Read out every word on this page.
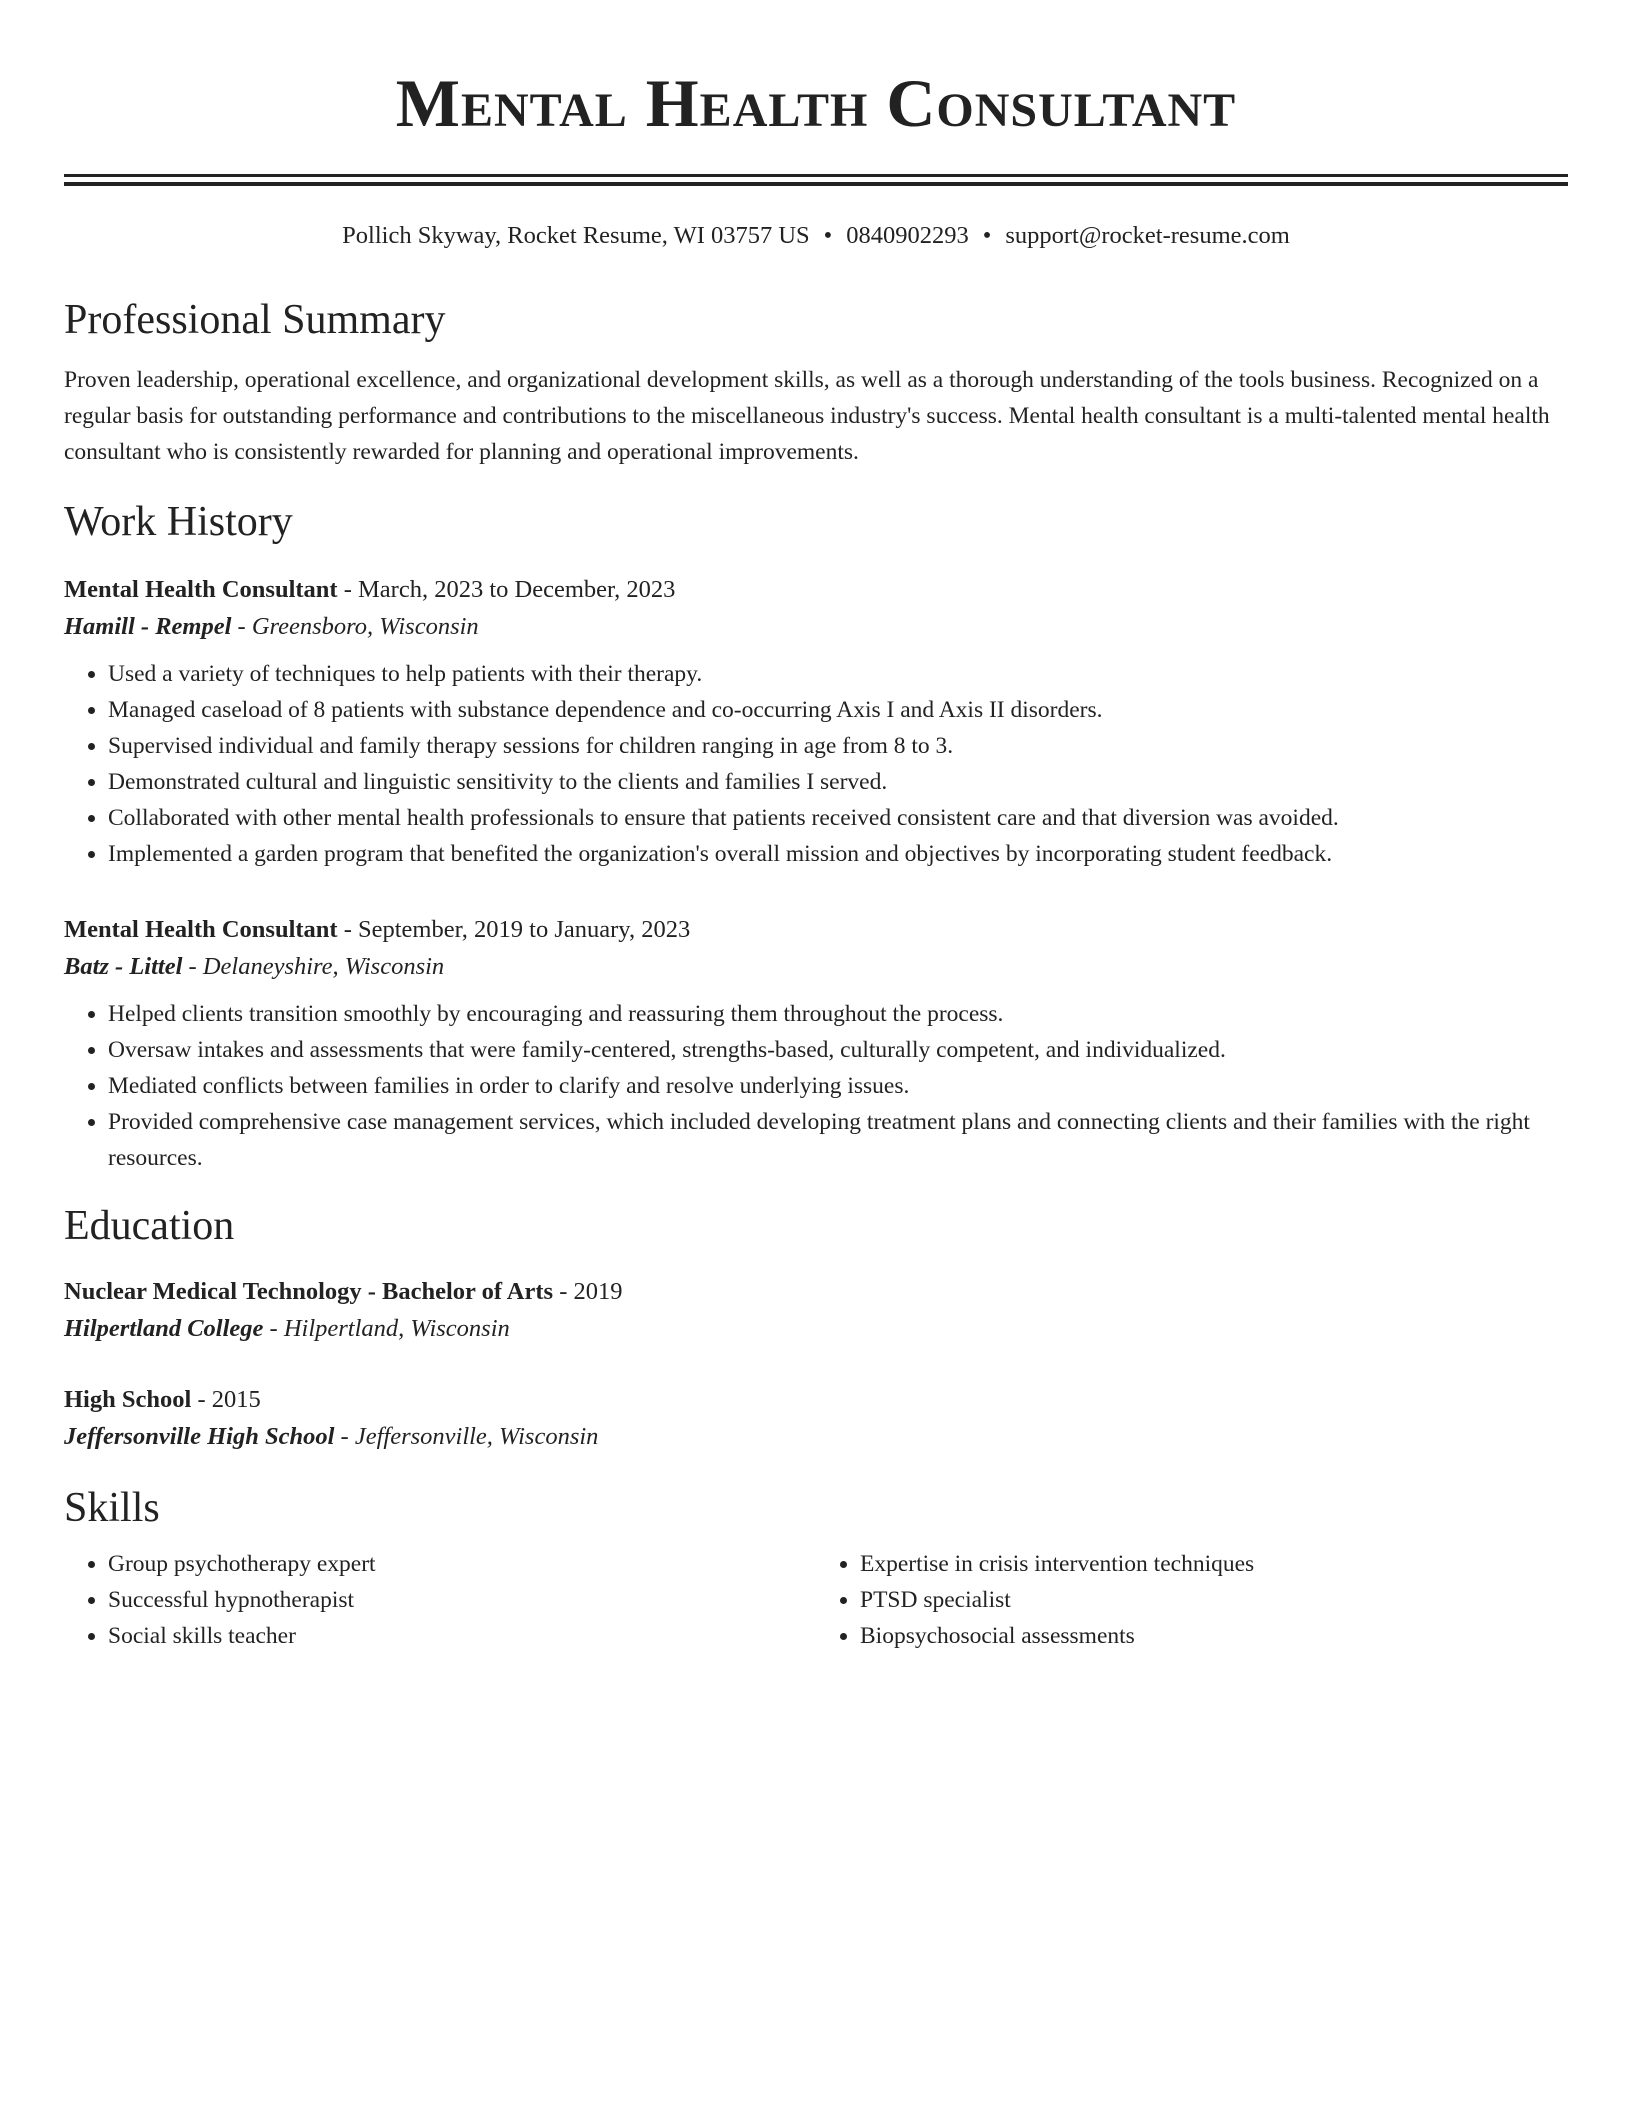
Mental Health Consultant
Pollich Skyway, Rocket Resume, WI 03757 US • 0840902293 • support@rocket-resume.com
Professional Summary
Proven leadership, operational excellence, and organizational development skills, as well as a thorough understanding of the tools business. Recognized on a regular basis for outstanding performance and contributions to the miscellaneous industry's success. Mental health consultant is a multi-talented mental health consultant who is consistently rewarded for planning and operational improvements.
Work History
Mental Health Consultant - March, 2023 to December, 2023
Hamill - Rempel - Greensboro, Wisconsin
• Used a variety of techniques to help patients with their therapy.
• Managed caseload of 8 patients with substance dependence and co-occurring Axis I and Axis II disorders.
• Supervised individual and family therapy sessions for children ranging in age from 8 to 3.
• Demonstrated cultural and linguistic sensitivity to the clients and families I served.
• Collaborated with other mental health professionals to ensure that patients received consistent care and that diversion was avoided.
• Implemented a garden program that benefited the organization's overall mission and objectives by incorporating student feedback.
Mental Health Consultant - September, 2019 to January, 2023
Batz - Littel - Delaneyshire, Wisconsin
• Helped clients transition smoothly by encouraging and reassuring them throughout the process.
• Oversaw intakes and assessments that were family-centered, strengths-based, culturally competent, and individualized.
• Mediated conflicts between families in order to clarify and resolve underlying issues.
• Provided comprehensive case management services, which included developing treatment plans and connecting clients and their families with the right resources.
Education
Nuclear Medical Technology - Bachelor of Arts - 2019
Hilpertland College - Hilpertland, Wisconsin
High School - 2015
Jeffersonville High School - Jeffersonville, Wisconsin
Skills
• Group psychotherapy expert
• Successful hypnotherapist
• Social skills teacher
• Expertise in crisis intervention techniques
• PTSD specialist
• Biopsychosocial assessments
